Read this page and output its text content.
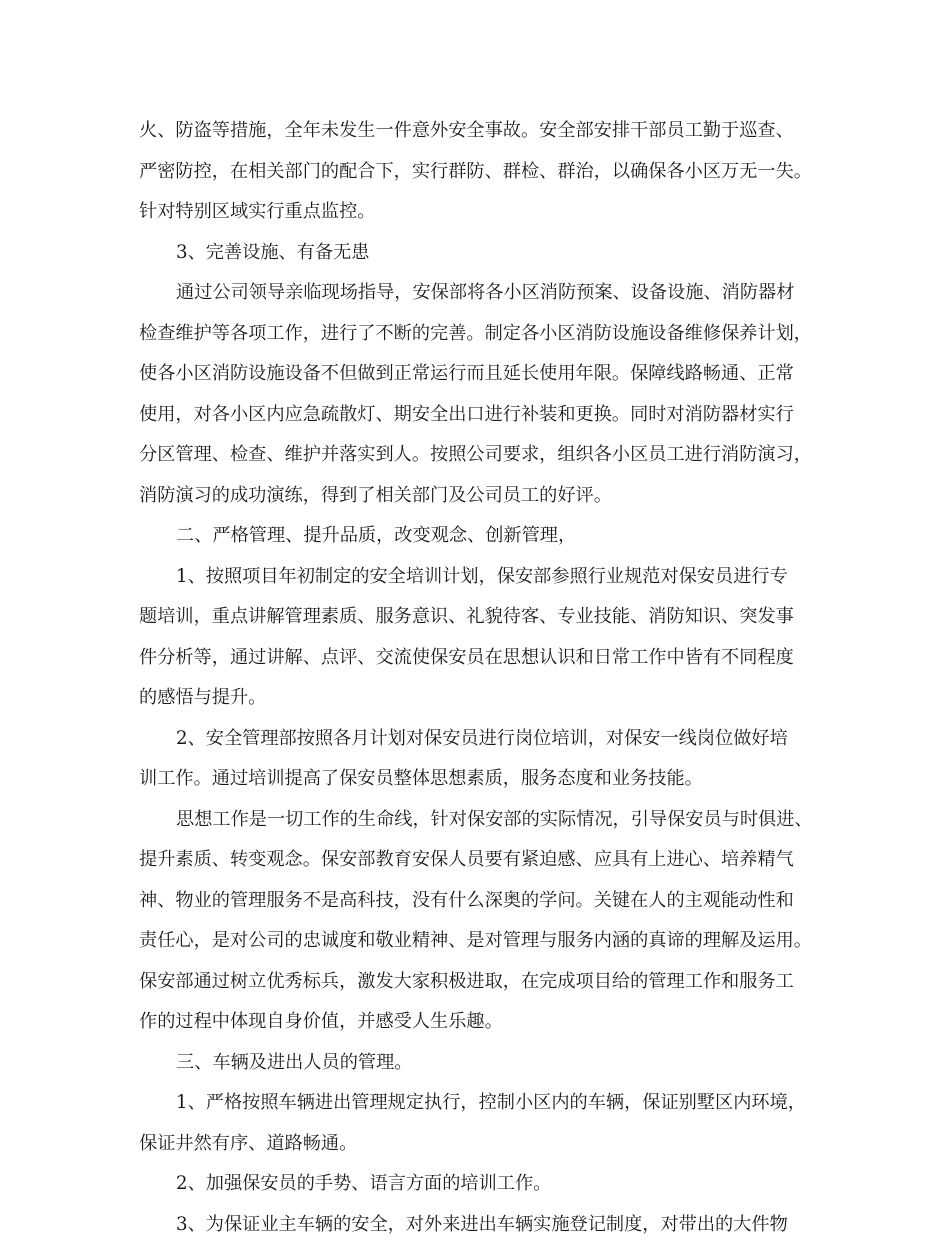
火、防盗等措施，全年未发生一件意外安全事故。安全部安排干部员工勤于巡查、
严密防控，在相关部门的配合下，实行群防、群检、群治，以确保各小区万无一失。
针对特别区域实行重点监控。
3、完善设施、有备无患
通过公司领导亲临现场指导，安保部将各小区消防预案、设备设施、消防器材
检查维护等各项工作，进行了不断的完善。制定各小区消防设施设备维修保养计划，
使各小区消防设施设备不但做到正常运行而且延长使用年限。保障线路畅通、正常
使用，对各小区内应急疏散灯、期安全出口进行补装和更换。同时对消防器材实行
分区管理、检查、维护并落实到人。按照公司要求，组织各小区员工进行消防演习，
消防演习的成功演练，得到了相关部门及公司员工的好评。
二、严格管理、提升品质，改变观念、创新管理，
1、按照项目年初制定的安全培训计划，保安部参照行业规范对保安员进行专
题培训，重点讲解管理素质、服务意识、礼貌待客、专业技能、消防知识、突发事
件分析等，通过讲解、点评、交流使保安员在思想认识和日常工作中皆有不同程度
的感悟与提升。
2、安全管理部按照各月计划对保安员进行岗位培训，对保安一线岗位做好培
训工作。通过培训提高了保安员整体思想素质，服务态度和业务技能。
思想工作是一切工作的生命线，针对保安部的实际情况，引导保安员与时俱进、
提升素质、转变观念。保安部教育安保人员要有紧迫感、应具有上进心、培养精气
神、物业的管理服务不是高科技，没有什么深奥的学问。关键在人的主观能动性和
责任心，是对公司的忠诚度和敬业精神、是对管理与服务内涵的真谛的理解及运用。
保安部通过树立优秀标兵，激发大家积极进取，在完成项目给的管理工作和服务工
作的过程中体现自身价值，并感受人生乐趣。
三、车辆及进出人员的管理。
1、严格按照车辆进出管理规定执行，控制小区内的车辆，保证别墅区内环境，
保证井然有序、道路畅通。
2、加强保安员的手势、语言方面的培训工作。
3、为保证业主车辆的安全，对外来进出车辆实施登记制度，对带出的大件物
